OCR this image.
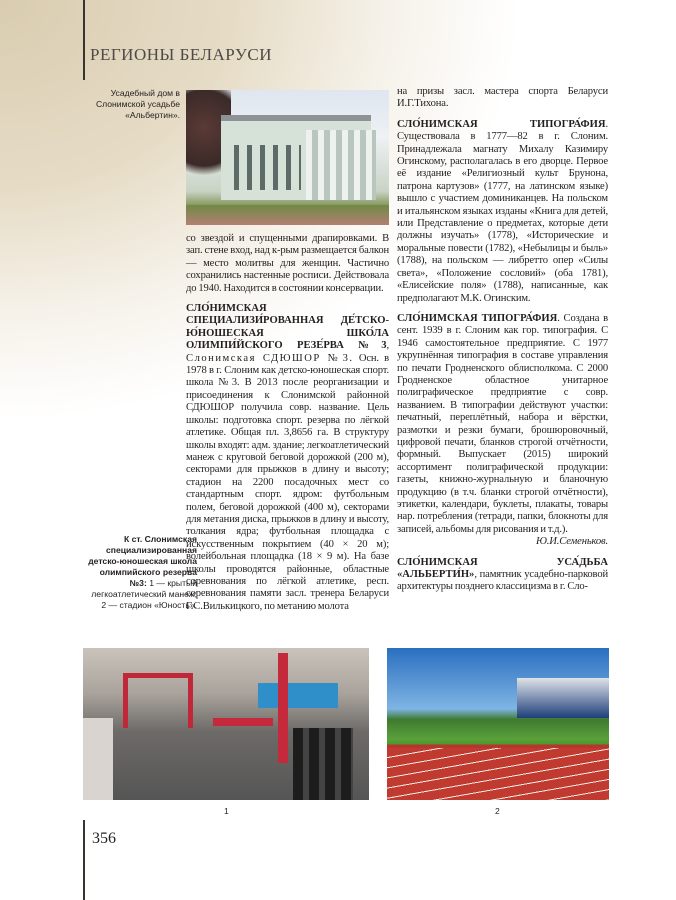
РЕГИОНЫ БЕЛАРУСИ
Усадебный дом в Слонимской усадьбе «Альбертин».

со звездой и спущенными драпировками. В зап. стене вход, над к-рым размещается балкон — место молитвы для женщин. Частично сохранились настенные росписи. Действовала до 1940. Находится в состоянии консервации.

СЛО́НИМСКАЯ СПЕЦИАЛИЗИ́РОВАННАЯ ДЕ́ТСКО-Ю́НОШЕСКАЯ ШКО́ЛА ОЛИМПИ́ЙСКОГО РЕЗЕ́РВА №3, Слонимская СДЮШОР №3. Осн. в 1978 в г. Слоним как детско-юношеская спорт. школа №3. В 2013 после реорганизации и присоединения к Слонимской районной СДЮШОР получила совр. название. Цель школы: подготовка спорт. резерва по лёгкой атлетике. Общая пл. 3,8656 га. В структуру школы входят: адм. здание; легкоатлетический манеж с круговой беговой дорожкой (200 м), секторами для прыжков в длину и высоту; стадион на 2200 посадочных мест со стандартным спорт. ядром: футбольным полем, беговой дорожкой (400 м), секторами для метания диска, прыжков в длину и высоту, толкания ядра; футбольная площадка с искусственным покрытием (40 × 20 м); волейбольная площадка (18 × 9 м). На базе школы проводятся районные, областные соревнования по лёгкой атлетике, респ. соревнования памяти засл. тренера Беларуси Г.С.Вилькицкого, по метанию молота

К ст. Слонимская специализированная детско-юношеская школа олимпийского резерва №3: 1 — крытый легкоатлетический манеж; 2 — стадион «Юность».

на призы засл. мастера спорта Беларуси И.Г.Тихона.

СЛО́НИМСКАЯ ТИПОГРА́ФИЯ. Существовала в 1777—82 в г. Слоним. Принадлежала магнату Михалу Казимиру Огинскому, располагалась в его дворце. Первое её издание «Религиозный культ Брунона, патрона картузов» (1777, на латинском языке) вышло с участием доминиканцев. На польском и итальянском языках изданы «Книга для детей, или Представление о предметах, которые дети должны изучать» (1778), «Исторические и моральные повести (1782), «Небылицы и быль» (1788), на польском — либретто опер «Силы света», «Положение сословий» (оба 1781), «Елисейские поля» (1788), написанные, как предполагают М.К. Огинским.

СЛО́НИМСКАЯ ТИПОГРА́ФИЯ. Создана в сент. 1939 в г. Слоним как гор. типография. С 1946 самостоятельное предприятие. С 1977 укрупнённая типография в составе управления по печати Гродненского облисполкома. С 2000 Гродненское областное унитарное полиграфическое предприятие с совр. названием. В типографии действуют участки: печатный, переплётный, набора и вёрстки, размотки и резки бумаги, брошюровочный, цифровой печати, бланков строгой отчётности, формный. Выпускает (2015) широкий ассортимент полиграфической продукции: газеты, книжно-журнальную и бланочную продукцию (в т.ч. бланки строгой отчётности), этикетки, календари, буклеты, плакаты, товары нар. потребления (тетради, папки, блокноты для записей, альбомы для рисования и т.д.).

Ю.И.Семеньков.

СЛО́НИМСКАЯ УСА́ДЬБА «АЛЬБЕРТИ́Н», памятник усадебно-парковой архитектуры позднего классицизма в г. Сло-

1	2
356
